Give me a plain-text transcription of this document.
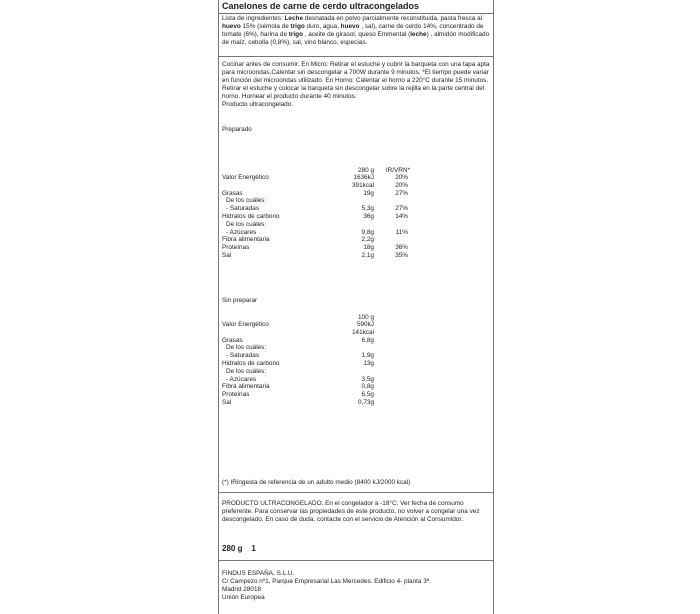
Canelones de carne de cerdo ultracongelados
Lista de ingredientes: Leche desnatada en polvo parcialmente reconstituida, pasta fresca al huevo 15% (sémola de trigo duro, agua, huevo , sal), carne de cerdo 14%, concentrado de tomate (6%), harina de trigo , aceite de girasol, queso Emmental (leche) , almidón modificado de maíz, cebolla (0,8%), sal, vino blanco, especias.

Cocinar antes de consumir. En Micro: Retirar el estuche y cubrir la barqueta con una tapa apta para microondas.Calentar sin descongelar a 700W durante 9 minutos. *El tiempo puede variar en función del microondas utilizado. En Horno: Calentar el horno a 220°C durante 15 minutos. Retirar el estuche y colocar la barqueta sin descongelar sobre la rejilla en la parte central del horno. Hornear el producto durante 40 minutos.

Producto ultracongelado.

Preparado
280 g	IR/VRN*
Valor Energético	1636kJ	20%
391kcal	20%
Grasas	19g	27%
De los cuáles:
- Saturadas	5,3g	27%
Hidratos de carbono	36g	14%
De los cuáles:
- Azúcares	9,8g	11%
Fibra alimentaria	2,2g
Proteínas	18g	36%
Sal	2,1g	35%
Sin preparar
100 g
Valor Energético	590kJ
141kcal
Grasas	6,8g
De los cuáles:
- Saturadas	1,9g
Hidratos de carbono	13g
De los cuáles:
- Azúcares	3,5g
Fibra alimentaria	0,8g
Proteínas	6,5g
Sal	0,73g
(*) IRingesta de referencia de un adulto medio (8400 kJ/2000 kcal)

PRODUCTO ULTRACONGELADO. En el congelador a -18°C: Ver fecha de consumo preferente. Para conservar las propiedades de este producto, no volver a congelar una vez descongelado. En caso de duda, contacte con el servicio de Atención al Consumidor.

280 g 1

FINDUS ESPAÑA, S.L.U.

C/ Campezo nº1, Parque Empresarial Las Mercedes. Edificio 4- planta 3ª.

Madrid 28018

Unión Europea
